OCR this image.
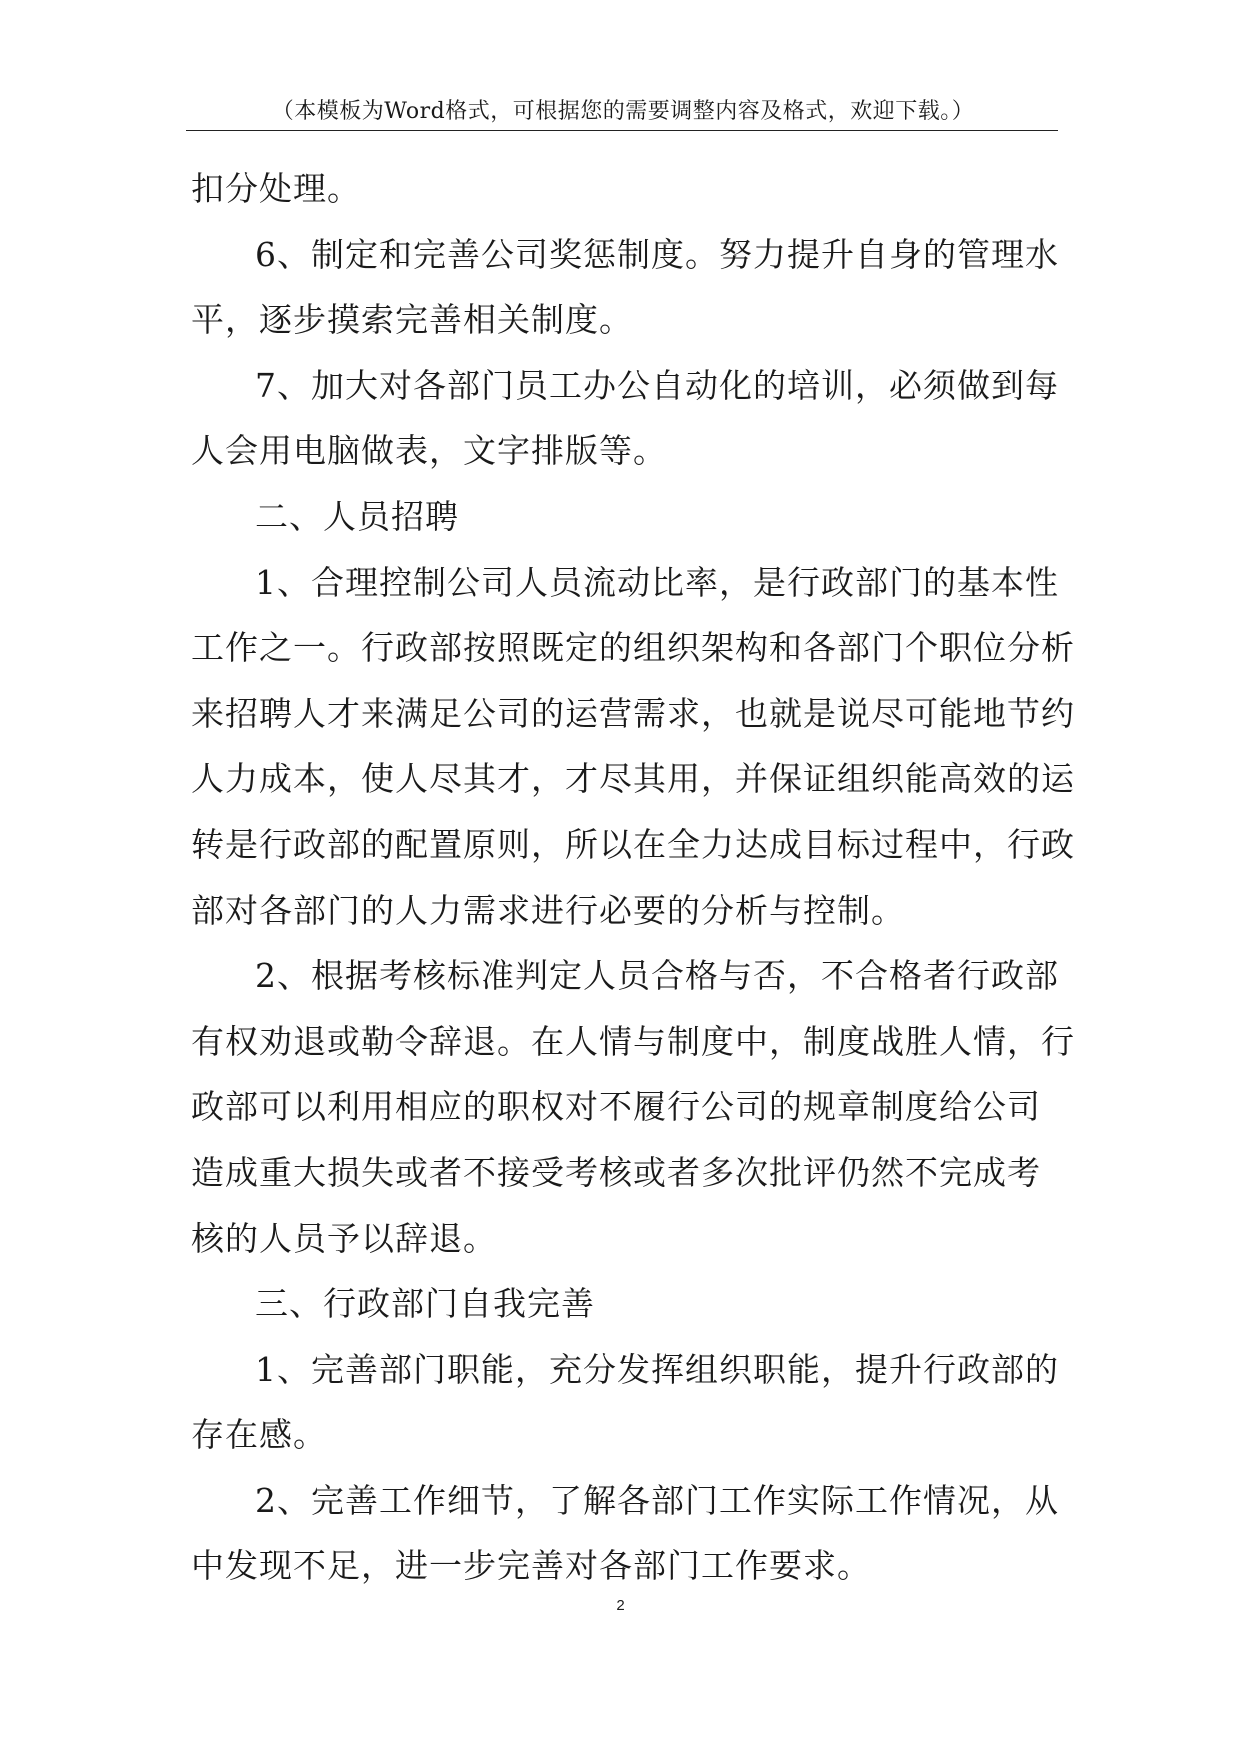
（本模板为Word格式，可根据您的需要调整内容及格式，欢迎下载。）
扣分处理。
6、制定和完善公司奖惩制度。努力提升自身的管理水
平，逐步摸索完善相关制度。
7、加大对各部门员工办公自动化的培训，必须做到每
人会用电脑做表，文字排版等。
二、人员招聘
1、合理控制公司人员流动比率，是行政部门的基本性
工作之一。行政部按照既定的组织架构和各部门个职位分析
来招聘人才来满足公司的运营需求，也就是说尽可能地节约
人力成本，使人尽其才，才尽其用，并保证组织能高效的运
转是行政部的配置原则，所以在全力达成目标过程中，行政
部对各部门的人力需求进行必要的分析与控制。
2、根据考核标准判定人员合格与否，不合格者行政部
有权劝退或勒令辞退。在人情与制度中，制度战胜人情，行
政部可以利用相应的职权对不履行公司的规章制度给公司
造成重大损失或者不接受考核或者多次批评仍然不完成考
核的人员予以辞退。
三、行政部门自我完善
1、完善部门职能，充分发挥组织职能，提升行政部的
存在感。
2、完善工作细节，了解各部门工作实际工作情况，从
中发现不足，进一步完善对各部门工作要求。
2
